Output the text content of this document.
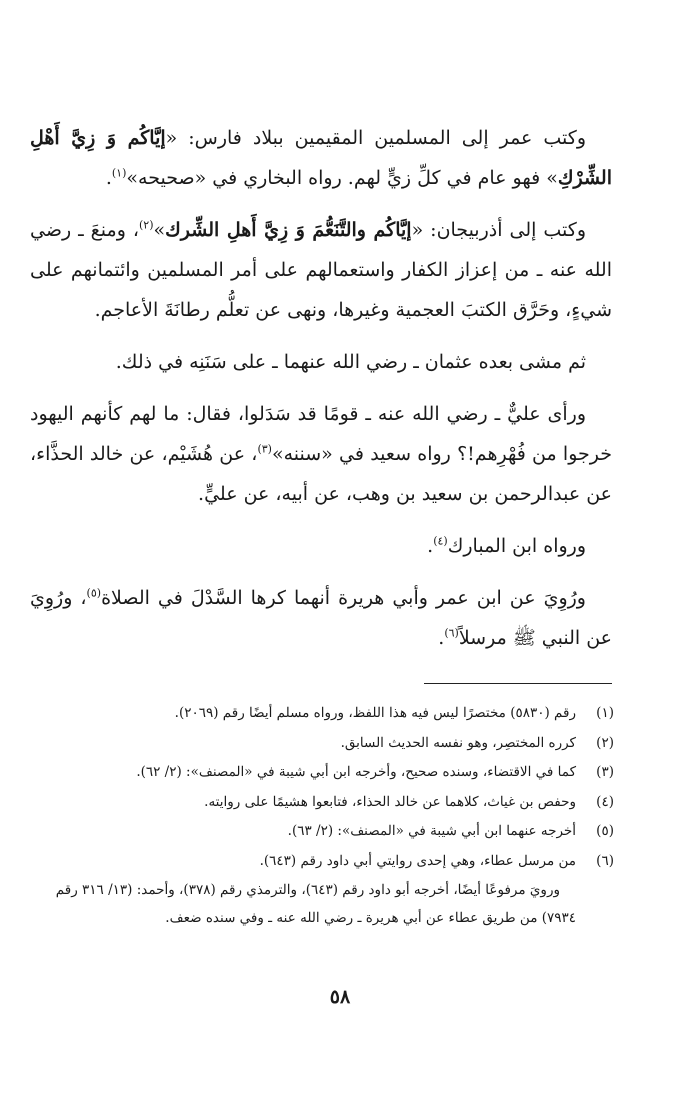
وكتب عمر إلى المسلمين المقيمين ببلاد فارس: «إيَّاكُم وَ زِيَّ أَهْلِ الشِّرْكِ» فهو عام في كلِّ زيٍّ لهم. رواه البخاري في «صحيحه»$^{(١)}$.

وكتب إلى أذربيجان: «إيَّاكُم والتَّنَعُّمَ وَ زِيَّ أَهلِ الشِّرك»$^{(٢)}$، ومنعَ ـ رضي الله عنه ـ من إعزاز الكفار واستعمالهم على أمر المسلمين وائتمانهم على شيءٍ، وحَرَّق الكتبَ العجمية وغيرها، ونهى عن تعلُّم رطانَةَ الأعاجم.

ثم مشى بعده عثمان ـ رضي الله عنهما ـ على سَنَنِه في ذلك.

ورأى عليٌّ ـ رضي الله عنه ـ قومًا قد سَدَلوا، فقال: ما لهم كأنهم اليهود خرجوا من فُهْرِهم!؟ رواه سعيد في «سننه»$^{(٣)}$، عن هُشَيْم، عن خالد الحذَّاء، عن عبدالرحمن بن سعيد بن وهب، عن أبيه، عن عليٍّ.

ورواه ابن المبارك$^{(٤)}$.

ورُوِيَ عن ابن عمر وأبي هريرة أنهما كرها السَّدْلَ في الصلاة$^{(٥)}$، ورُوِيَ عن النبي ﷺ مرسلاً$^{(٦)}$.

(١)
رقم (٥٨٣٠) مختصرًا ليس فيه هذا اللفظ، ورواه مسلم أيضًا رقم (٢٠٦٩).
(٢)
كرره المختصِر، وهو نفسه الحديث السابق.
(٣)
كما في الاقتضاء، وسنده صحيح، وأخرجه ابن أبي شيبة في «المصنف»: (٢/ ٦٢).
(٤)
وحفص بن غياث، كلاهما عن خالد الحذاء، فتابعوا هشيمًا على روايته.
(٥)
أخرجه عنهما ابن أبي شيبة في «المصنف»: (٢/ ٦٣).
(٦)
من مرسل عطاء، وهي إحدى روايتي أبي داود رقم (٦٤٣).
ورويَ مرفوعًا أيضًا، أخرجه أبو داود رقم (٦٤٣)، والترمذي رقم (٣٧٨)، وأحمد: (١٣/ ٣١٦ رقم ٧٩٣٤) من طريق عطاء عن أبي هريرة ـ رضي الله عنه ـ وفي سنده ضعف.
٥٨
